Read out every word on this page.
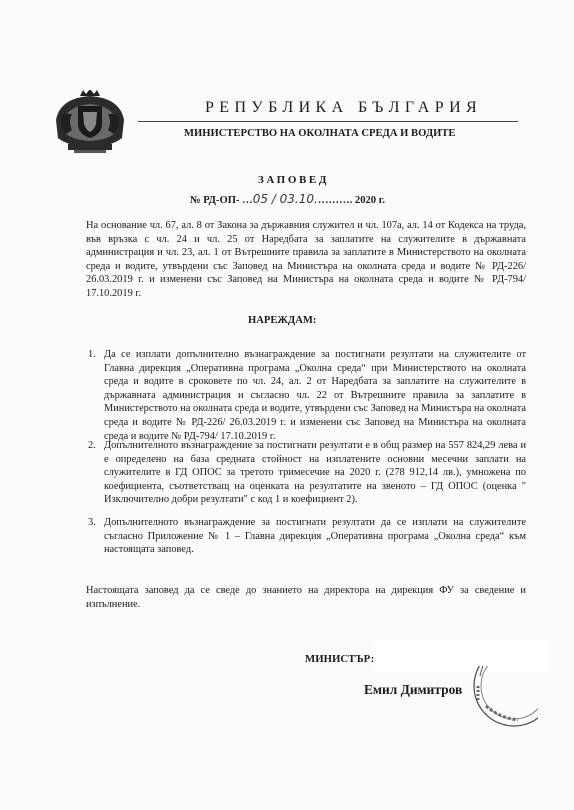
РЕПУБЛИКА БЪЛГАРИЯ
МИНИСТЕРСТВО НА ОКОЛНАТА СРЕДА И ВОДИТЕ
ЗАПОВЕД
№ РД-ОП- …05 / 03.10.………. 2020 г.

На основание чл. 67, ал. 8 от Закона за държавния служител и чл. 107а, ал. 14 от Кодекса на труда, във връзка с чл. 24 и чл. 25 от Наредбата за заплатите на служителите в държавната администрация и чл. 23, ал. 1 от Вътрешните правила за заплатите в Министерството на околната среда и водите, утвърдени със Заповед на Министъра на околната среда и водите № РД-226/ 26.03.2019 г. и изменени със Заповед на Министъра на околната среда и водите № РД-794/ 17.10.2019 г.

НАРЕЖДАМ:
1. Да се изплати допълнително възнаграждение за постигнати резултати на служителите от Главна дирекция „Оперативна програма „Околна среда“ при Министерството на околната среда и водите в сроковете по чл. 24, ал. 2 от Наредбата за заплатите на служителите в държавната администрация и съгласно чл. 22 от Вътрешните правила за заплатите в Министерството на околната среда и водите, утвърдени със Заповед на Министъра на околната среда и водите № РД-226/ 26.03.2019 г. и изменени със Заповед на Министъра на околната среда и водите № РД-794/ 17.10.2019 г.

2. Допълнителното възнаграждение за постигнати резултати е в общ размер на 557 824,29 лева и е определено на база средната стойност на изплатените основни месечни заплати на служителите в ГД ОПОС за третото тримесечие на 2020 г. (278 912,14 лв.), умножена по коефициента, съответстващ на оценката на резултатите на звеното – ГД ОПОС (оценка " Изключително добри резултати" с код 1 и коефициент 2).

3. Допълнителното възнаграждение за постигнати резултати да се изплати на служителите съгласно Приложение № 1 – Главна дирекция „Оперативна програма „Околна среда“ към настоящата заповед.

Настоящата заповед да се сведе до знанието на директора на дирекция ФУ за сведение и изпълнение.

МИНИСТЪР:
Емил Димитров
